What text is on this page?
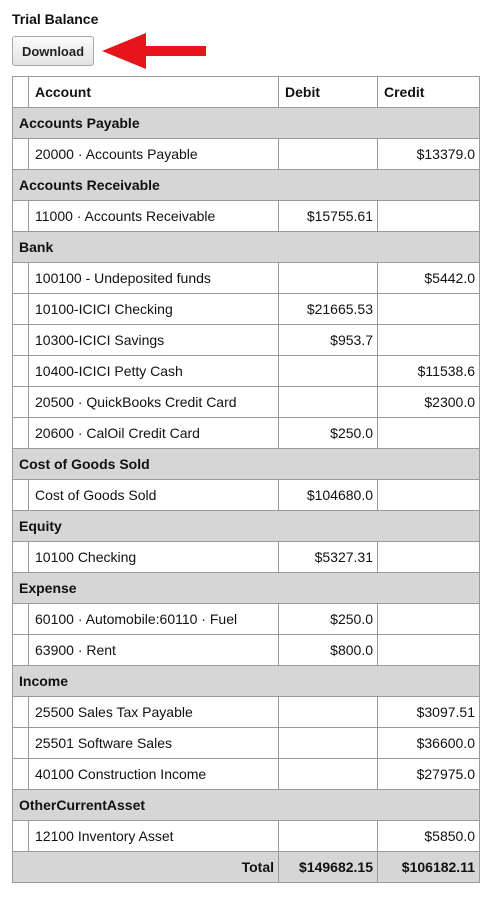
Trial Balance
Download
	Account	Debit	Credit
Accounts Payable			
	20000 · Accounts Payable		$13379.0
Accounts Receivable			
	11000 · Accounts Receivable	$15755.61	
Bank			
	100100 - Undeposited funds		$5442.0
	10100-ICICI Checking	$21665.53	
	10300-ICICI Savings	$953.7	
	10400-ICICI Petty Cash		$11538.6
	20500 · QuickBooks Credit Card		$2300.0
	20600 · CalOil Credit Card	$250.0	
Cost of Goods Sold			
	Cost of Goods Sold	$104680.0	
Equity			
	10100 Checking	$5327.31	
Expense			
	60100 · Automobile:60110 · Fuel	$250.0	
	63900 · Rent	$800.0	
Income			
	25500 Sales Tax Payable		$3097.51
	25501 Software Sales		$36600.0
	40100 Construction Income		$27975.0
OtherCurrentAsset			
	12100 Inventory Asset		$5850.0
Total		$149682.15	$106182.11
